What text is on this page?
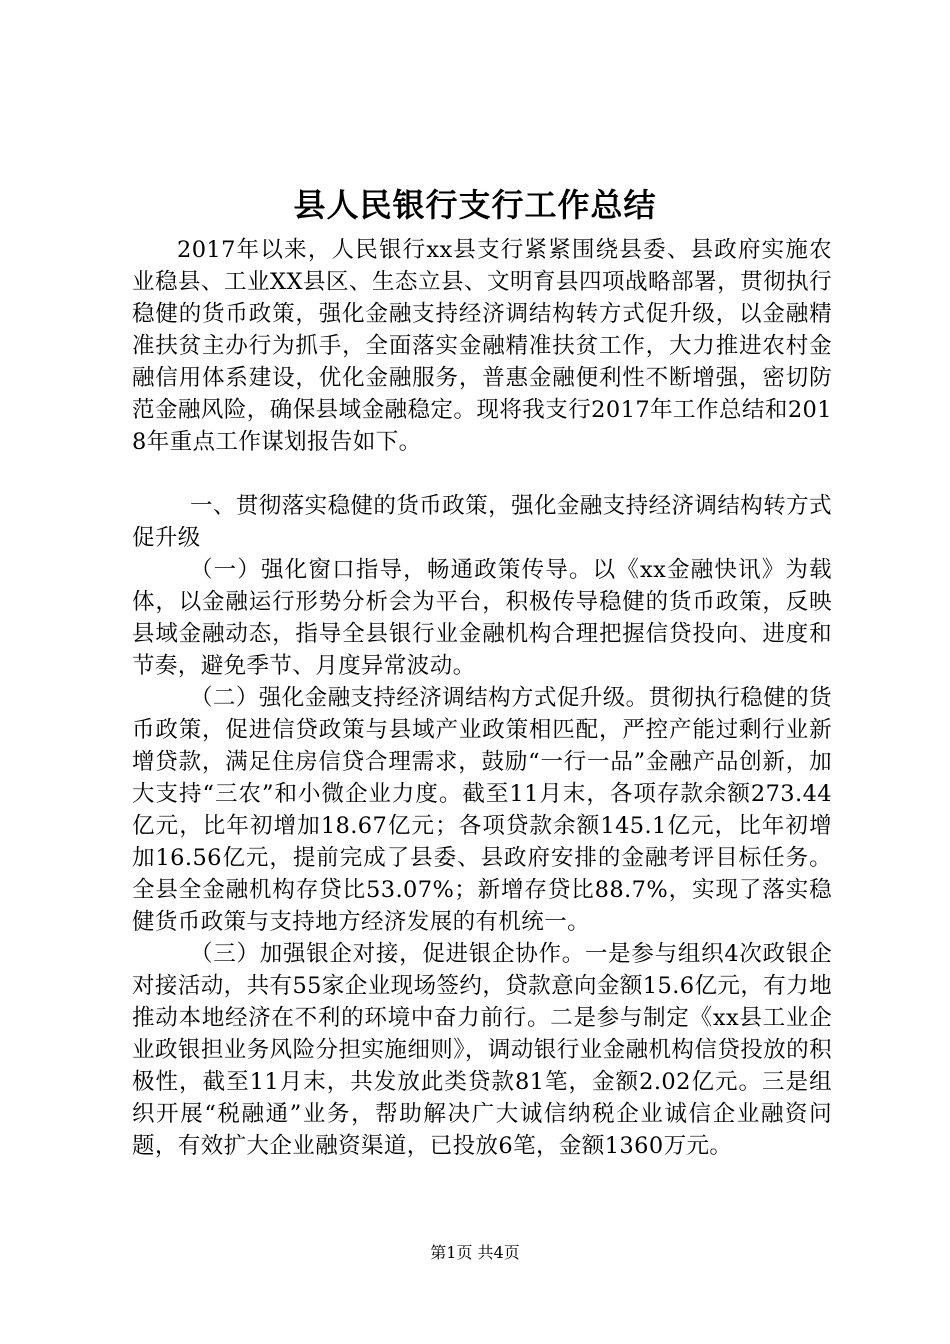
县人民银行支行工作总结

2017年以来，人民银行xx县支行紧紧围绕县委、县政府实施农业稳县、工业XX县区、生态立县、文明育县四项战略部署，贯彻执行稳健的货币政策，强化金融支持经济调结构转方式促升级，以金融精准扶贫主办行为抓手，全面落实金融精准扶贫工作，大力推进农村金融信用体系建设，优化金融服务，普惠金融便利性不断增强，密切防范金融风险，确保县域金融稳定。现将我支行2017年工作总结和2018年重点工作谋划报告如下。

一、贯彻落实稳健的货币政策，强化金融支持经济调结构转方式促升级

（一）强化窗口指导，畅通政策传导。以《xx金融快讯》为载体，以金融运行形势分析会为平台，积极传导稳健的货币政策，反映县域金融动态，指导全县银行业金融机构合理把握信贷投向、进度和节奏，避免季节、月度异常波动。

（二）强化金融支持经济调结构方式促升级。贯彻执行稳健的货币政策，促进信贷政策与县域产业政策相匹配，严控产能过剩行业新增贷款，满足住房信贷合理需求，鼓励“一行一品”金融产品创新，加大支持“三农”和小微企业力度。截至11月末，各项存款余额273.44亿元，比年初增加18.67亿元；各项贷款余额145.1亿元，比年初增加16.56亿元，提前完成了县委、县政府安排的金融考评目标任务。全县全金融机构存贷比53.07%；新增存贷比88.7%，实现了落实稳健货币政策与支持地方经济发展的有机统一。

（三）加强银企对接，促进银企协作。一是参与组织4次政银企对接活动，共有55家企业现场签约，贷款意向金额15.6亿元，有力地推动本地经济在不利的环境中奋力前行。二是参与制定《xx县工业企业政银担业务风险分担实施细则》，调动银行业金融机构信贷投放的积极性，截至11月末，共发放此类贷款81笔，金额2.02亿元。三是组织开展“税融通”业务，帮助解决广大诚信纳税企业诚信企业融资问题，有效扩大企业融资渠道，已投放6笔，金额1360万元。

第1页 共4页
